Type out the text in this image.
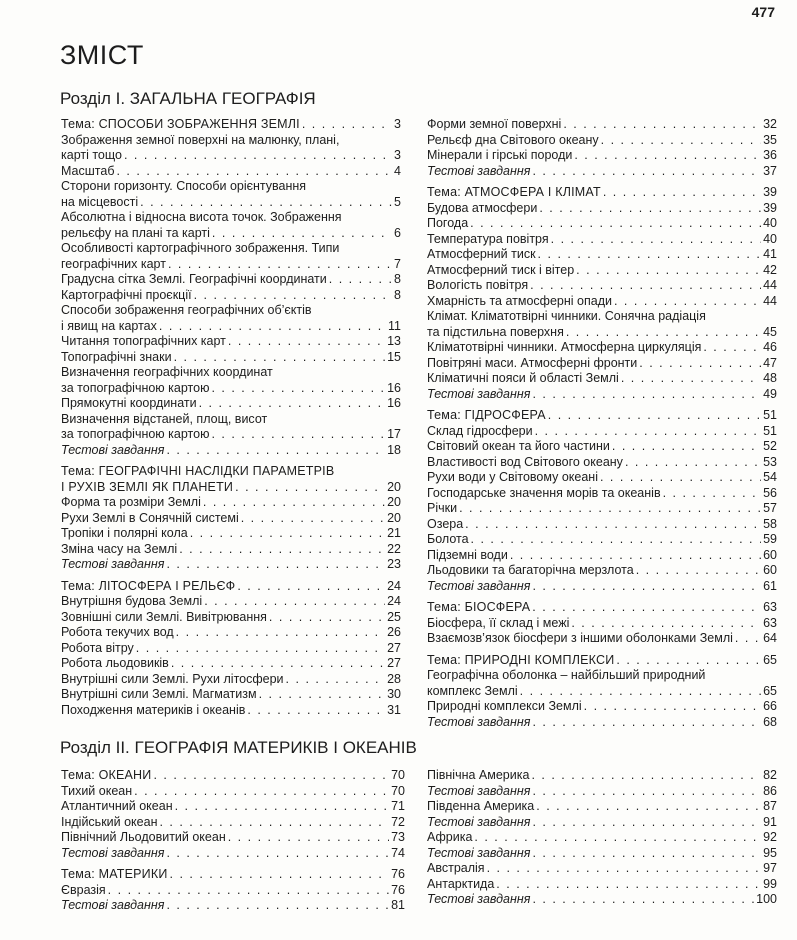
477
ЗМІСТ
Розділ І. ЗАГАЛЬНА ГЕОГРАФІЯ
Тема: СПОСОБИ ЗОБРАЖЕННЯ ЗЕМЛІ . . .	3
Зображення земної поверхні на малюнку, плані,
карті тощо . . .	3
Масштаб . . .	4
Сторони горизонту. Способи орієнтування
на місцевості . . .	5
Абсолютна і відносна висота точок. Зображення
рельєфу на плані та карті . . .	6
Особливості картографічного зображення. Типи
географічних карт . . .	7
Градусна сітка Землі. Географічні координати . . .	8
Картографічні проєкції . . .	8
Способи зображення географічних об’єктів
і явищ на картах . . .	11
Читання топографічних карт . . .	13
Топографічні знаки . . .	15
Визначення географічних координат
за топографічною картою . . .	16
Прямокутні координати . . .	16
Визначення відстаней, площ, висот
за топографічною картою . . .	17
Тестові завдання . . .	18
Тема: ГЕОГРАФІЧНІ НАСЛІДКИ ПАРАМЕТРІВ
І РУХІВ ЗЕМЛІ ЯК ПЛАНЕТИ . . .	20
Форма та розміри Землі . . .	20
Рухи Землі в Сонячній системі . . .	20
Тропіки і полярні кола . . .	21
Зміна часу на Землі . . .	22
Тестові завдання . . .	23
Тема: ЛІТОСФЕРА І РЕЛЬЄФ . . .	24
Внутрішня будова Землі . . .	24
Зовнішні сили Землі. Вивітрювання . . .	25
Робота текучих вод . . .	26
Робота вітру . . .	27
Робота льодовиків . . .	27
Внутрішні сили Землі. Рухи літосфери . . .	28
Внутрішні сили Землі. Магматизм . . .	30
Походження материків і океанів . . .	31
Форми земної поверхні . . .	32
Рельєф дна Світового океану . . .	35
Мінерали і гірські породи . . .	36
Тестові завдання . . .	37
Тема: АТМОСФЕРА І КЛІМАТ . . .	39
Будова атмосфери . . .	39
Погода . . .	40
Температура повітря . . .	40
Атмосферний тиск . . .	41
Атмосферний тиск і вітер . . .	42
Вологість повітря . . .	44
Хмарність та атмосферні опади . . .	44
Клімат. Кліматотвірні чинники. Сонячна радіація
та підстильна поверхня . . .	45
Кліматотвірні чинники. Атмосферна циркуляція . . .	46
Повітряні маси. Атмосферні фронти . . .	47
Кліматичні пояси й області Землі . . .	48
Тестові завдання . . .	49
Тема: ГІДРОСФЕРА . . .	51
Склад гідросфери . . .	51
Світовий океан та його частини . . .	52
Властивості вод Світового океану . . .	53
Рухи води у Світовому океані . . .	54
Господарське значення морів та океанів . . .	56
Річки . . .	57
Озера . . .	58
Болота . . .	59
Підземні води . . .	60
Льодовики та багаторічна мерзлота . . .	60
Тестові завдання . . .	61
Тема: БІОСФЕРА . . .	63
Біосфера, її склад і межі . . .	63
Взаємозв’язок біосфери з іншими оболонками Землі . . . 64
Тема: ПРИРОДНІ КОМПЛЕКСИ . . .	65
Географічна оболонка – найбільший природний
комплекс Землі . . .	65
Природні комплекси Землі . . .	66
Тестові завдання . . .	68
Розділ ІІ. ГЕОГРАФІЯ МАТЕРИКІВ І ОКЕАНІВ
Тема: ОКЕАНИ . . .	70
Тихий океан . . .	70
Атлантичний океан . . .	71
Індійський океан . . .	72
Північний Льодовитий океан . . .	73
Тестові завдання . . .	74
Тема: МАТЕРИКИ . . .	76
Євразія . . .	76
Тестові завдання . . .	81
Північна Америка . . .	82
Тестові завдання . . .	86
Південна Америка . . .	87
Тестові завдання . . .	91
Африка . . .	92
Тестові завдання . . .	95
Австралія . . .	97
Антарктида . . .	99
Тестові завдання . . .	100
